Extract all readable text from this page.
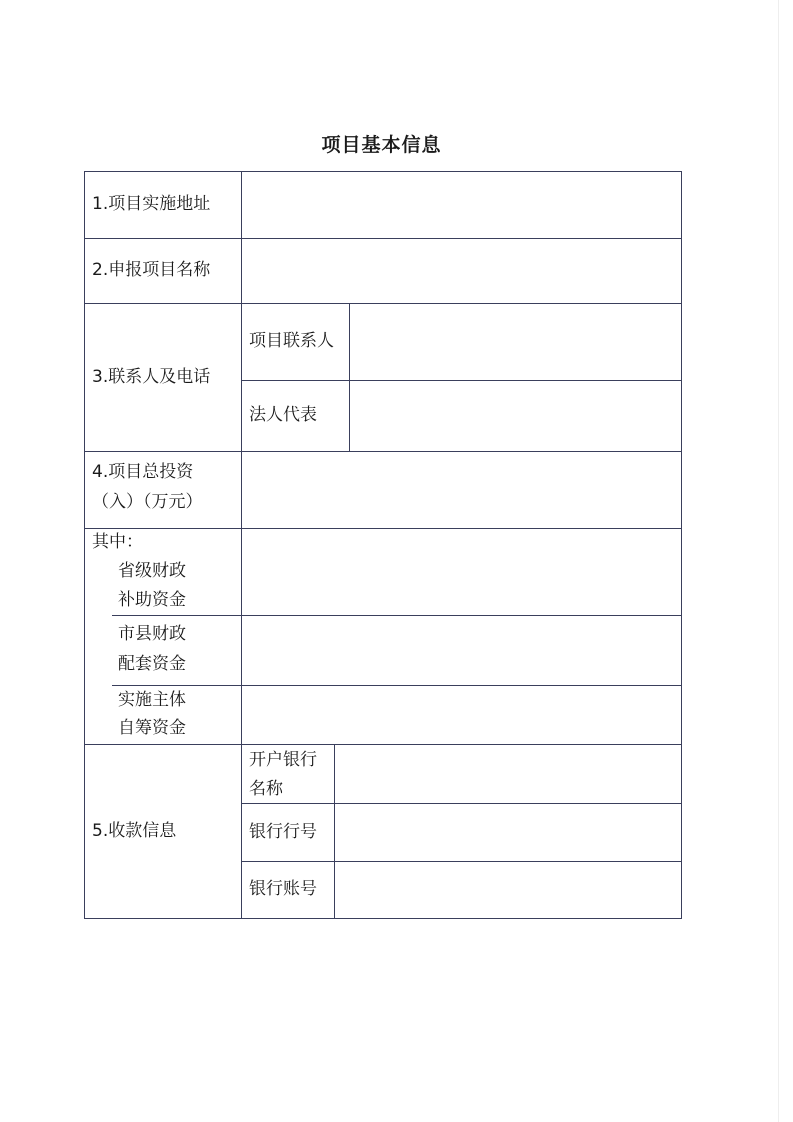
项目基本信息
1.项目实施地址
2.申报项目名称
3.联系人及电话
项目联系人
法人代表
4.项目总投资
（入）（万元）
其中：
省级财政
补助资金
市县财政
配套资金
实施主体
自筹资金
5.收款信息
开户银行
名称
银行行号
银行账号
